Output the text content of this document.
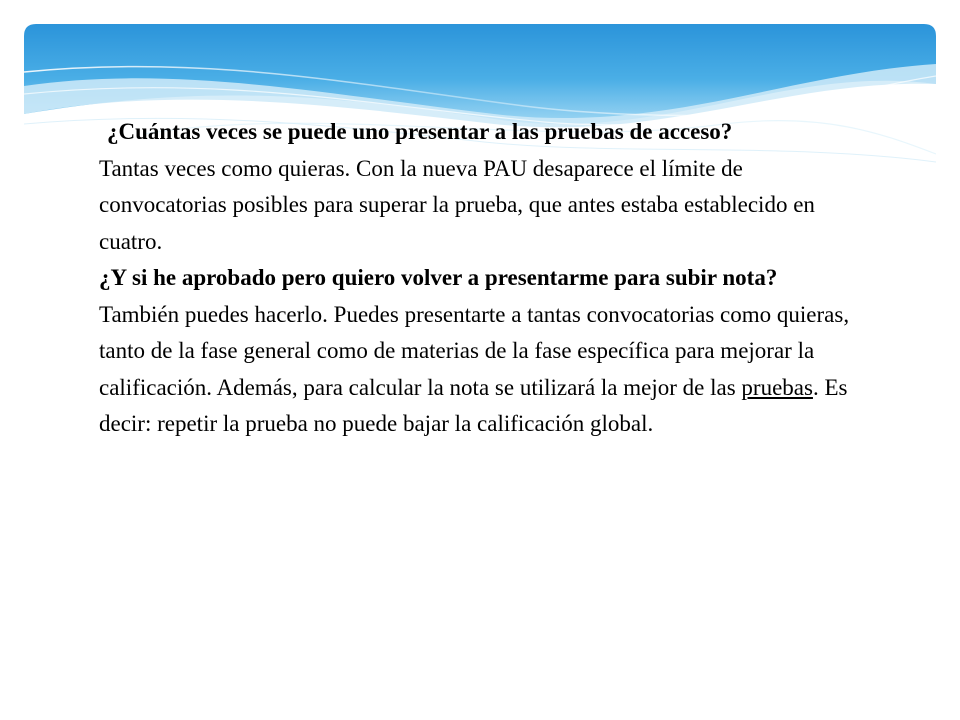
¿Cuántas veces se puede uno presentar a las pruebas de acceso?

Tantas veces como quieras. Con la nueva PAU desaparece el límite de convocatorias posibles para superar la prueba, que antes estaba establecido en cuatro.

¿Y si he aprobado pero quiero volver a presentarme para subir nota?

También puedes hacerlo. Puedes presentarte a tantas convocatorias como quieras, tanto de la fase general como de materias de la fase específica para mejorar la calificación. Además, para calcular la nota se utilizará la mejor de las pruebas. Es decir: repetir la prueba no puede bajar la calificación global.
